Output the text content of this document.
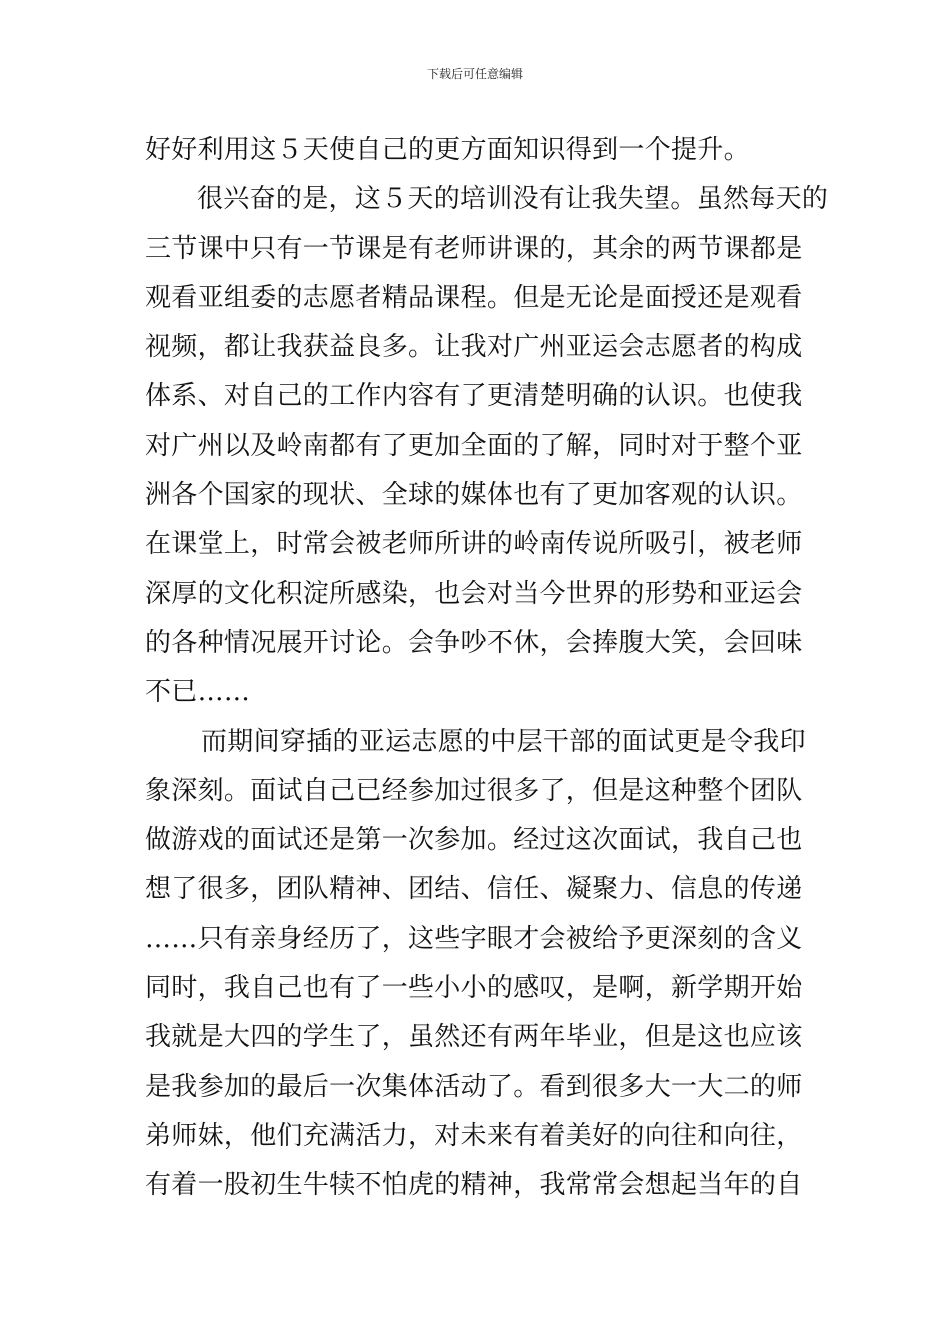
下载后可任意编辑
好好利用这５天使自己的更方面知识得到一个提升。
很兴奋的是，这５天的培训没有让我失望。虽然每天的
三节课中只有一节课是有老师讲课的，其余的两节课都是
观看亚组委的志愿者精品课程。但是无论是面授还是观看
视频，都让我获益良多。让我对广州亚运会志愿者的构成
体系、对自己的工作内容有了更清楚明确的认识。也使我
对广州以及岭南都有了更加全面的了解，同时对于整个亚
洲各个国家的现状、全球的媒体也有了更加客观的认识。
在课堂上，时常会被老师所讲的岭南传说所吸引，被老师
深厚的文化积淀所感染，也会对当今世界的形势和亚运会
的各种情况展开讨论。会争吵不休，会捧腹大笑，会回味
不已……
而期间穿插的亚运志愿的中层干部的面试更是令我印
象深刻。面试自己已经参加过很多了，但是这种整个团队
做游戏的面试还是第一次参加。经过这次面试，我自己也
想了很多，团队精神、团结、信任、凝聚力、信息的传递
……只有亲身经历了，这些字眼才会被给予更深刻的含义
同时，我自己也有了一些小小的感叹，是啊，新学期开始
我就是大四的学生了，虽然还有两年毕业，但是这也应该
是我参加的最后一次集体活动了。看到很多大一大二的师
弟师妹，他们充满活力，对未来有着美好的向往和向往，
有着一股初生牛犊不怕虎的精神，我常常会想起当年的自
